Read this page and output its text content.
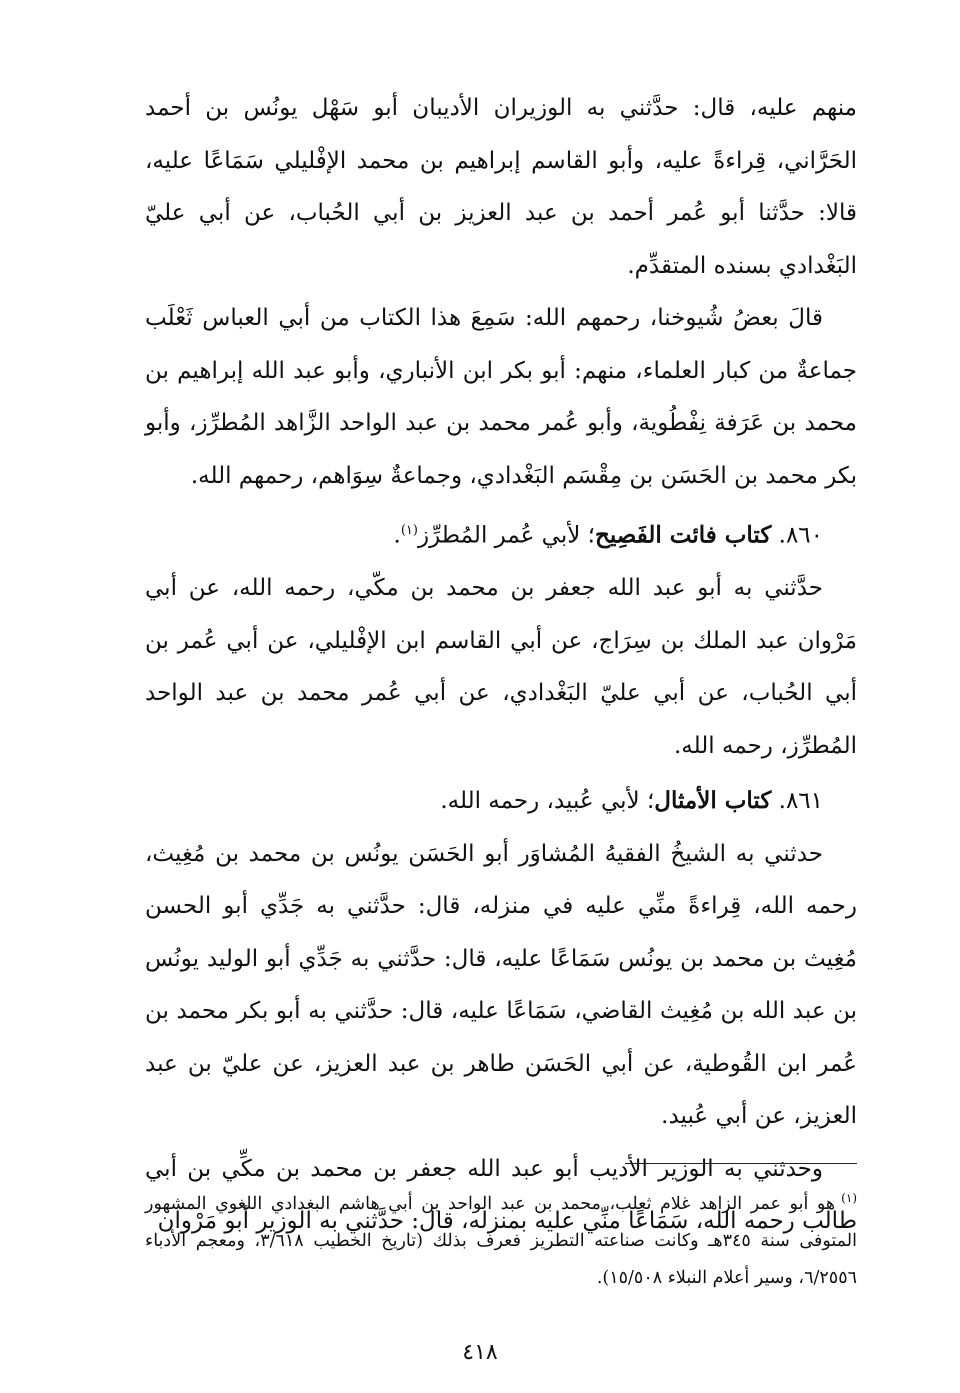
منهم عليه، قال: حدَّثني به الوزيران الأديبان أبو سَهْل يونُس بن أحمد الحَرَّاني، قِراءةً عليه، وأبو القاسم إبراهيم بن محمد الإفْليلي سَمَاعًا عليه، قالا: حدَّثنا أبو عُمر أحمد بن عبد العزيز بن أبي الحُباب، عن أبي عليّ البَغْدادي بسنده المتقدِّم.

قالَ بعضُ شُيوخنا، رحمهم الله: سَمِعَ هذا الكتاب من أبي العباس ثَعْلَب جماعةٌ من كبار العلماء، منهم: أبو بكر ابن الأنباري، وأبو عبد الله إبراهيم بن محمد بن عَرَفة نِفْطُوية، وأبو عُمر محمد بن عبد الواحد الزَّاهد المُطرِّز، وأبو بكر محمد بن الحَسَن بن مِقْسَم البَغْدادي، وجماعةٌ سِوَاهم، رحمهم الله.

٨٦٠. كتاب فائت الفَصِيح؛ لأبي عُمر المُطرِّز$^{(١)}$.

حدَّثني به أبو عبد الله جعفر بن محمد بن مكّي، رحمه الله، عن أبي مَرْوان عبد الملك بن سِرَاج، عن أبي القاسم ابن الإفْليلي، عن أبي عُمر بن أبي الحُباب، عن أبي عليّ البَغْدادي، عن أبي عُمر محمد بن عبد الواحد المُطرِّز، رحمه الله.

٨٦١. كتاب الأمثال؛ لأبي عُبيد، رحمه الله.

حدثني به الشيخُ الفقيهُ المُشاوَر أبو الحَسَن يونُس بن محمد بن مُغِيث، رحمه الله، قِراءةً منِّي عليه في منزله، قال: حدَّثني به جَدِّي أبو الحسن مُغِيث بن محمد بن يونُس سَمَاعًا عليه، قال: حدَّثني به جَدِّي أبو الوليد يونُس بن عبد الله بن مُغِيث القاضي، سَمَاعًا عليه، قال: حدَّثني به أبو بكر محمد بن عُمر ابن القُوطية، عن أبي الحَسَن طاهر بن عبد العزيز، عن عليّ بن عبد العزيز، عن أبي عُبيد.

وحدثني به الوزير الأديب أبو عبد الله جعفر بن محمد بن مكِّي بن أبي طالب رحمه الله، سَمَاعًا منِّي عليه بمنزله، قال: حدَّثني به الوزير أبو مَرْوان

$^{(١)}$هو أبو عمر الزاهد غلام ثعلب، محمد بن عبد الواحد بن أبي هاشم البغدادي اللغوي المشهور المتوفى سنة ٣٤٥هـ وكانت صناعته التطريز فعرف بذلك (تاريخ الخطيب ٣/٦١٨، ومعجم الأدباء ٦/٢٥٥٦، وسير أعلام النبلاء ١٥/٥٠٨).
٤١٨
